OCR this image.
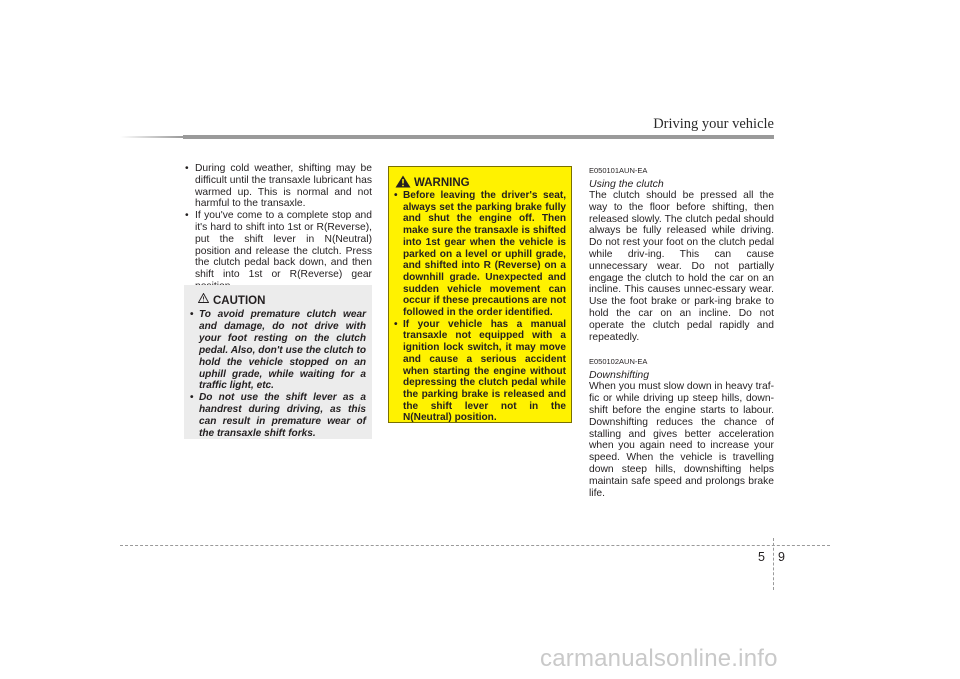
Driving your vehicle
• During cold weather, shifting may be difficult until the transaxle lubricant has warmed up. This is normal and not harmful to the transaxle.
• If you've come to a complete stop and it's hard to shift into 1st or R(Reverse), put the shift lever in N(Neutral) position and release the clutch. Press the clutch pedal back down, and then shift into 1st or R(Reverse) gear
CAUTION
• To avoid premature clutch wear and damage, do not drive with your foot resting on the clutch pedal. Also, don't use the clutch to hold the vehicle stopped on an uphill grade, while waiting for a traffic light, etc.
• Do not use the shift lever as a handrest during driving, as this can result in premature wear of the transaxle shift forks.
WARNING
• Before leaving the driver's seat, always set the parking brake fully and shut the engine off. Then make sure the transaxle is shifted into 1st gear when the vehicle is parked on a level or uphill grade, and shifted into R (Reverse) on a downhill grade. Unexpected and sudden vehicle movement can occur if these precautions are not followed in the order identified.
• If your vehicle has a manual transaxle not equipped with a ignition lock switch, it may move and cause a serious accident when starting the engine without depressing the clutch pedal while the parking brake is released and the shift lever not in the N(Neutral) position.

E050101AUN-EA

Using the clutch

The clutch should be pressed all the way to the floor before shifting, then released slowly. The clutch pedal should always be fully released while driving. Do not rest your foot on the clutch pedal while driv-ing. This can cause unnecessary wear. Do not partially engage the clutch to hold the car on an incline. This causes unnec-essary wear. Use the foot brake or park-ing brake to hold the car on an incline. Do not operate the clutch pedal rapidly and repeatedly.

E050102AUN-EA

Downshifting

When you must slow down in heavy traf-fic or while driving up steep hills, down-shift before the engine starts to labour. Downshifting reduces the chance of stalling and gives better acceleration when you again need to increase your speed. When the vehicle is travelling down steep hills, downshifting helps maintain safe speed and prolongs brake life.

5 9
carmanualsonline.info
